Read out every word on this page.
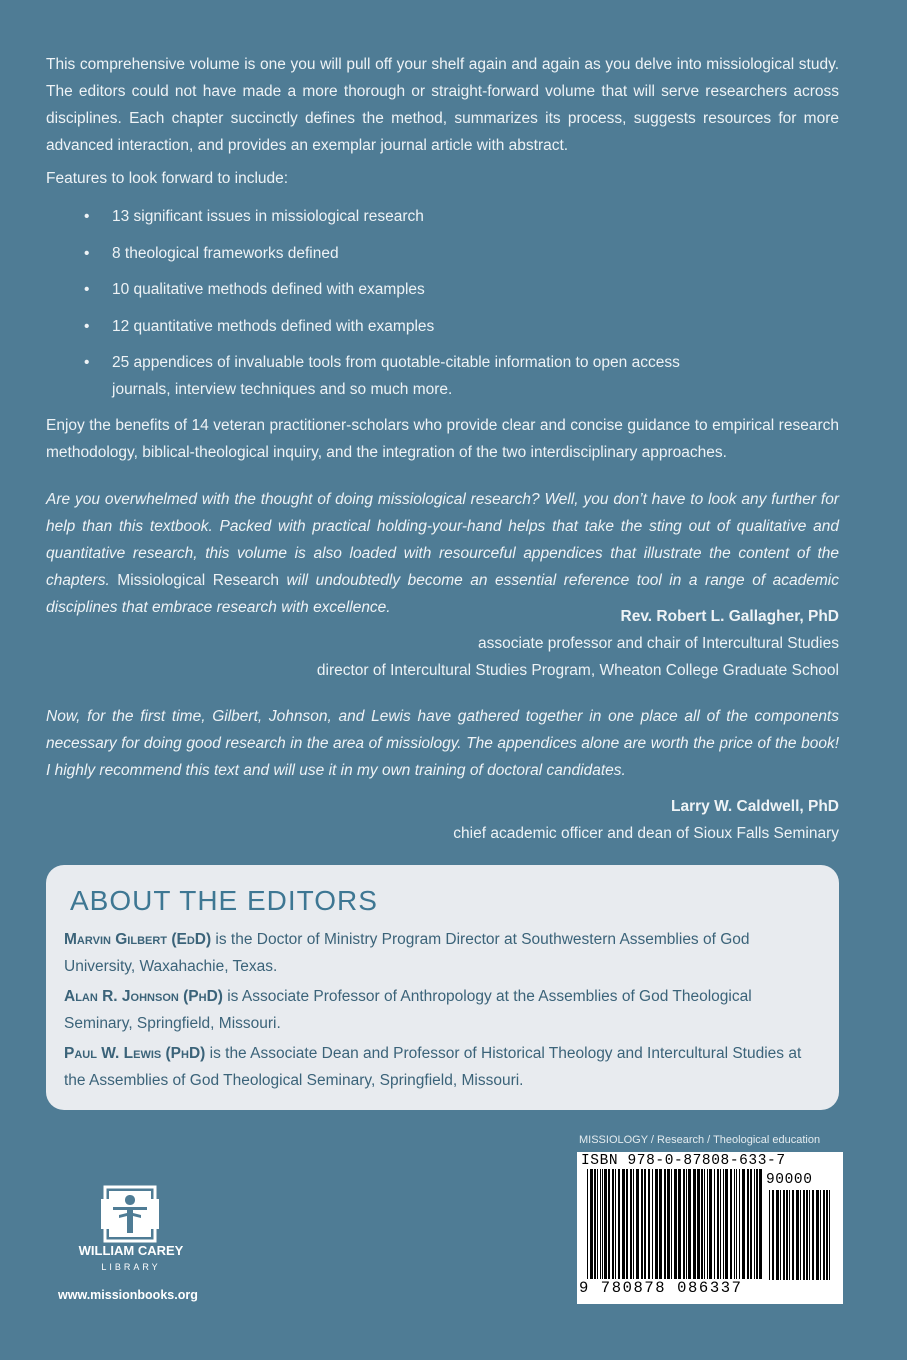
This comprehensive volume is one you will pull off your shelf again and again as you delve into missiological study. The editors could not have made a more thorough or straight-forward volume that will serve researchers across disciplines. Each chapter succinctly defines the method, summarizes its process, suggests resources for more advanced interaction, and provides an exemplar journal article with abstract.
Features to look forward to include:
• 13 significant issues in missiological research
• 8 theological frameworks defined
• 10 qualitative methods defined with examples
• 12 quantitative methods defined with examples
• 25 appendices of invaluable tools from quotable-citable information to open access journals, interview techniques and so much more.
Enjoy the benefits of 14 veteran practitioner-scholars who provide clear and concise guidance to empirical research methodology, biblical-theological inquiry, and the integration of the two interdisciplinary approaches.
Are you overwhelmed with the thought of doing missiological research? Well, you don’t have to look any further for help than this textbook. Packed with practical holding-your-hand helps that take the sting out of qualitative and quantitative research, this volume is also loaded with resourceful appendices that illustrate the content of the chapters. Missiological Research will undoubtedly become an essential reference tool in a range of academic disciplines that embrace research with excellence.
Rev. Robert L. Gallagher, PhD
associate professor and chair of Intercultural Studies
director of Intercultural Studies Program, Wheaton College Graduate School
Now, for the first time, Gilbert, Johnson, and Lewis have gathered together in one place all of the components necessary for doing good research in the area of missiology. The appendices alone are worth the price of the book! I highly recommend this text and will use it in my own training of doctoral candidates.
Larry W. Caldwell, PhD
chief academic officer and dean of Sioux Falls Seminary
ABOUT THE EDITORS

Marvin Gilbert (EdD) is the Doctor of Ministry Program Director at Southwestern Assemblies of God University, Waxahachie, Texas.

Alan R. Johnson (PhD) is Associate Professor of Anthropology at the Assemblies of God Theological Seminary, Springfield, Missouri.

Paul W. Lewis (PhD) is the Associate Dean and Professor of Historical Theology and Intercultural Studies at the Assemblies of God Theological Seminary, Springfield, Missouri.

MISSIOLOGY / Research / Theological education
ISBN 978-0-87808-633-7
90000
9 780878 086337
WILLIAM CAREY
LIBRARY
www.missionbooks.org
